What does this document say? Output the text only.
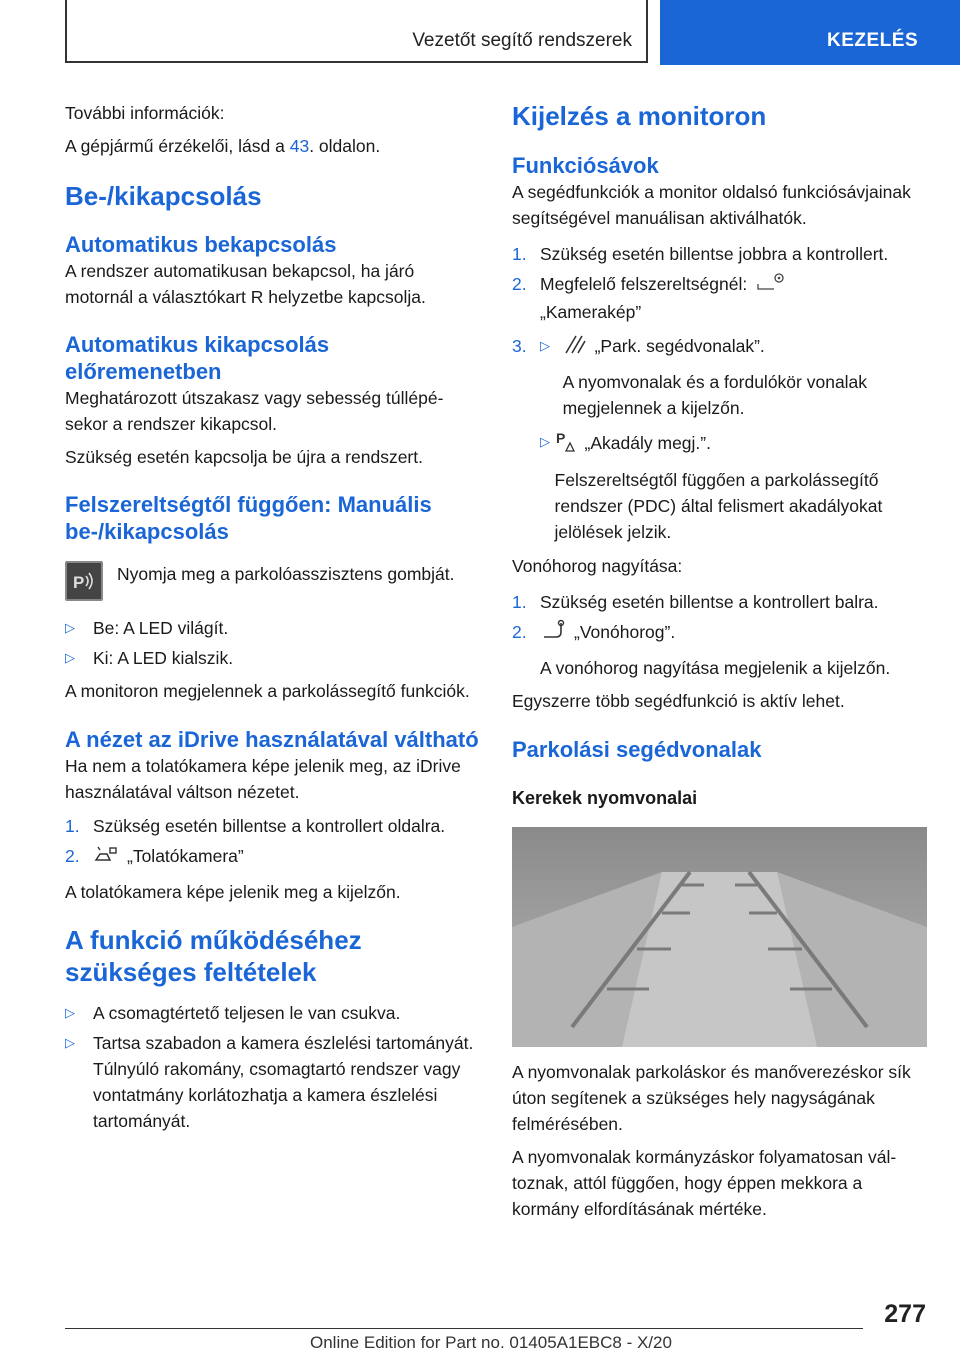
Vezetőt segítő rendszerek	KEZELÉS

További információk:

A gépjármű érzékelői, lásd a 43. oldalon.

Be-/kikapcsolás
Automatikus bekapcsolás

A rendszer automatikusan bekapcsol, ha járó motornál a választókart R helyzetbe kapcsolja.

Automatikus kikapcsolás előremenetben

Meghatározott útszakasz vagy sebesség túllépésekor a rendszer kikapcsol.

Szükség esetén kapcsolja be újra a rendszert.

Felszereltségtől függően: Manuális be-/kikapcsolás
P Nyomja meg a parkolóasszisztens gombját.

▷	Be: A LED világít.

▷	Ki: A LED kialszik.

A monitoron megjelennek a parkolássegítő funkciók.

A nézet az iDrive használatával váltható

Ha nem a tolatókamera képe jelenik meg, az iDrive használatával váltson nézetet.

1. Szükség esetén billentse a kontrollert oldalra.

2.	„Tolatókamera”

A tolatókamera képe jelenik meg a kijelzőn.

A funkció működéséhez szükséges feltételek
▷	A csomagtértető teljesen le van csukva.

▷	Tartsa szabadon a kamera észlelési tartományát. Túlnyúló rakomány, csomagtartó rendszer vagy vontatmány korlátozhatja a kamera észlelési tartományát.

Kijelzés a monitoron
Funkciósávok

A segédfunkciók a monitor oldalsó funkciósávjainak segítségével manuálisan aktiválhatók.

1. Szükség esetén billentse jobbra a kontrollert.

2. Megfelelő felszereltségnél:

„Kamerakép”

3.	▷	„Park. segédvonalak”.

A nyomvonalak és a fordulókör vonalak megjelennek a kijelzőn.

▷ P „Akadály megj.”.

Felszereltségtől függően a parkolássegítő rendszer (PDC) által felismert akadályokat jelölések jelzik.

Vonóhorog nagyítása:

1. Szükség esetén billentse a kontrollert balra.

2.	„Vonóhorog”.

A vonóhorog nagyítása megjelenik a kijelzőn.

Egyszerre több segédfunkció is aktív lehet.

Parkolási segédvonalak
Kerekek nyomvonalai

A nyomvonalak parkoláskor és manőverezéskor sík úton segítenek a szükséges hely nagyságának felmérésében.

A nyomvonalak kormányzáskor folyamatosan változnak, attól függően, hogy éppen mekkora a kormány elfordításának mértéke.

277
Online Edition for Part no. 01405A1EBC8 - X/20
